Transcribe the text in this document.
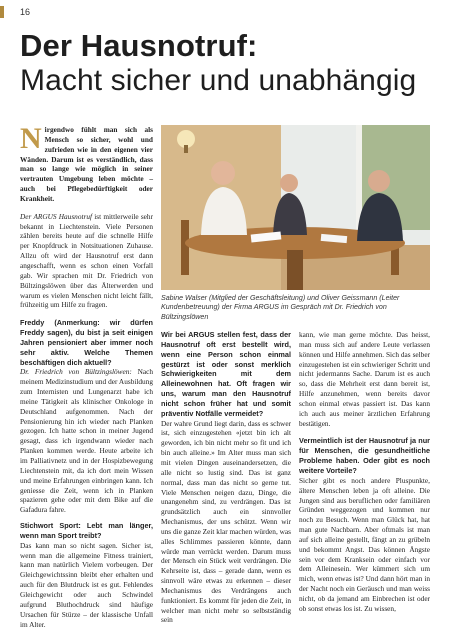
16
Der Hausnotruf:
Macht sicher und unabhängig

Nirgendwo fühlt man sich als Mensch so sicher, wohl und zufrieden wie in den eigenen vier Wänden. Darum ist es verständlich, dass man so lange wie möglich in seiner vertrauten Umgebung leben möchte – auch bei Pflegebedürftigkeit oder Krankheit.

Der ARGUS Hausnotruf ist mittlerweile sehr bekannt in Liechtenstein. Viele Personen zählen bereits heute auf die schnelle Hilfe per Knopfdruck in Notsituationen Zuhause. Allzu oft wird der Hausnotruf erst dann angeschafft, wenn es schon einen Vorfall gab. Wir sprachen mit Dr. Friedrich von Bültzingslöwen über das Älterwerden und warum es vielen Menschen nicht leicht fällt, frühzeitig um Hilfe zu fragen.

Freddy (Anmerkung: wir dürfen Freddy sagen), du bist ja seit einigen Jahren pensioniert aber immer noch sehr aktiv. Welche Themen beschäftigen dich aktuell?

Dr. Friedrich von Bültzingslöwen: Nach meinem Medizinstudium und der Ausbildung zum Internisten und Lungenarzt habe ich meine Tätigkeit als klinischer Onkologe in Deutschland aufgenommen. Nach der Pensionierung hin ich wieder nach Planken gezogen. Ich hatte schon in meiner Jugend gesagt, dass ich irgendwann wieder nach Planken kommen werde. Heute arbeite ich im Palliativnetz und in der Hospizbewegung Liechtenstein mit, da ich dort mein Wissen und meine Erfahrungen einbringen kann. Ich geniesse die Zeit, wenn ich in Planken spazieren gehe oder mit dem Bike auf die Gafadura fahre.

Stichwort Sport: Lebt man länger, wenn man Sport treibt?

Das kann man so nicht sagen. Sicher ist, wenn man die allgemeine Fitness trainiert, kann man natürlich Vielem vorbeugen. Der Gleichgewichtssinn bleibt eher erhalten und auch für den Blutdruck ist es gut. Fehlendes Gleichgewicht oder auch Schwindel aufgrund Bluthochdruck sind häufige Ursachen für Stürze – der klassische Unfall im Alter.

Sabine Walser (Mitglied der Geschäftsleitung) und Oliver Geissmann (Leiter Kundenbetreuung) der Firma ARGUS im Gespräch mit Dr. Friedrich von Bültzingslöwen

Wir bei ARGUS stellen fest, dass der Hausnotruf oft erst bestellt wird, wenn eine Person schon einmal gestürzt ist oder sonst merklich Schwierigkeiten mit dem Alleinewohnen hat. Oft fragen wir uns, warum man den Hausnotruf nicht schon früher hat und somit präventiv Notfälle vermeidet?

Der wahre Grund liegt darin, dass es schwer ist, sich einzugestehen «jetzt bin ich alt geworden, ich bin nicht mehr so fit und ich bin auch alleine.» Im Alter muss man sich mit vielen Dingen auseinandersetzen, die alle nicht so lustig sind. Das ist ganz normal, dass man das nicht so gerne tut. Viele Menschen neigen dazu, Dinge, die unangenehm sind, zu verdrängen. Das ist grundsätzlich auch ein sinnvoller Mechanismus, der uns schützt. Wenn wir uns die ganze Zeit klar machen würden, was alles Schlimmes passieren könnte, dann würde man verrückt werden. Darum muss der Mensch ein Stück weit verdrängen. Die Kehrseite ist, dass – gerade dann, wenn es sinnvoll wäre etwas zu erkennen – dieser Mechanismus des Verdrängens auch funktioniert. Es kommt für jeden die Zeit, in welcher man nicht mehr so selbstständig sein

kann, wie man gerne möchte. Das heisst, man muss sich auf andere Leute verlassen können und Hilfe annehmen. Sich das selber einzugestehen ist ein schwieriger Schritt und nicht jedermanns Sache. Darum ist es auch so, dass die Mehrheit erst dann bereit ist, Hilfe anzunehmen, wenn bereits davor schon einmal etwas passiert ist. Das kann ich auch aus meiner ärztlichen Erfahrung bestätigen.

Vermeintlich ist der Hausnotruf ja nur für Menschen, die gesundheitliche Probleme haben. Oder gibt es noch weitere Vorteile?

Sicher gibt es noch andere Pluspunkte, ältere Menschen leben ja oft alleine. Die Jungen sind aus beruflichen oder familiären Gründen weggezogen und kommen nur noch zu Besuch. Wenn man Glück hat, hat man gute Nachbarn. Aber oftmals ist man auf sich alleine gestellt, fängt an zu grübeln und bekommt Angst. Das können Ängste sein vor dem Kranksein oder einfach vor dem Alleinesein. Wer kümmert sich um mich, wenn etwas ist? Und dann hört man in der Nacht noch ein Geräusch und man weiss nicht, ob da jemand am Einbrechen ist oder ob sonst etwas los ist. Zu wissen,
